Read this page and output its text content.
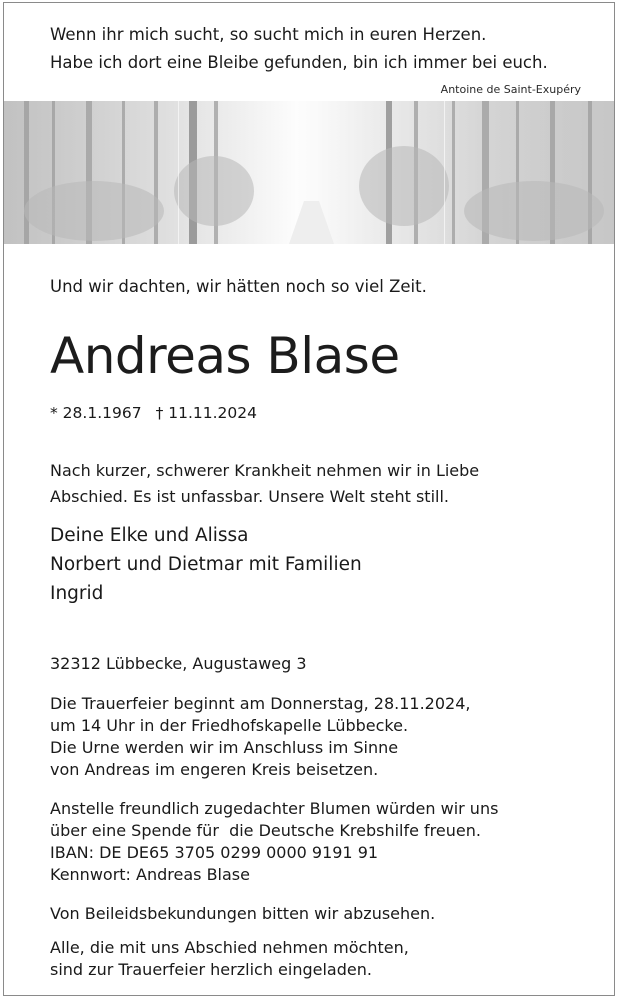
Wenn ihr mich sucht, so sucht mich in euren Herzen.
Habe ich dort eine Bleibe gefunden, bin ich immer bei euch.
Antoine de Saint-Exupéry
Und wir dachten, wir hätten noch so viel Zeit.
Andreas Blase
* 28.1.1967 † 11.11.2024
Nach kurzer, schwerer Krankheit nehmen wir in Liebe
Abschied. Es ist unfassbar. Unsere Welt steht still.
Deine Elke und Alissa
Norbert und Dietmar mit Familien
Ingrid
32312 Lübbecke, Augustaweg 3
Die Trauerfeier beginnt am Donnerstag, 28.11.2024,
um 14 Uhr in der Friedhofskapelle Lübbecke.
Die Urne werden wir im Anschluss im Sinne
von Andreas im engeren Kreis beisetzen.
Anstelle freundlich zugedachter Blumen würden wir uns
über eine Spende für  die Deutsche Krebshilfe freuen.
IBAN: DE DE65 3705 0299 0000 9191 91
Kennwort: Andreas Blase
Von Beileidsbekundungen bitten wir abzusehen.
Alle, die mit uns Abschied nehmen möchten,
sind zur Trauerfeier herzlich eingeladen.
